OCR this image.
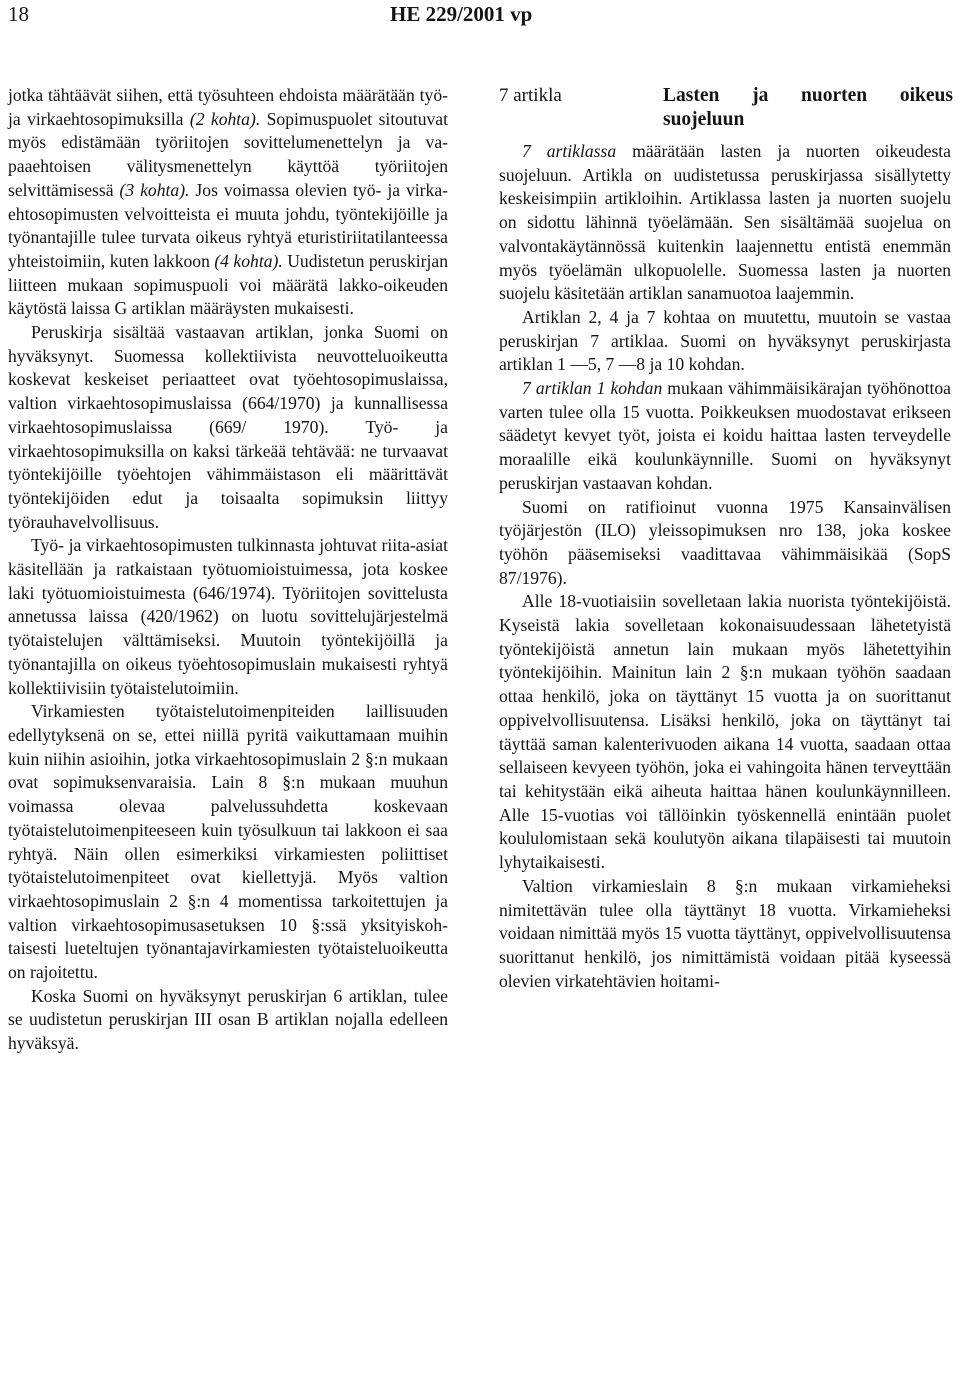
18	HE 229/2001 vp

jotka tähtäävät siihen, että työsuhteen ehdoista määrätään työ- ja virkaehtosopimuksilla (2 kohta). Sopimuspuolet sitoutuvat myös edistämään työriitojen sovittelumenettelyn ja vapaaehtoisen välitysmenettelyn käyttöä työriitojen selvittämisessä (3 kohta). Jos voimassa olevien työ- ja virka- ehtosopimusten velvoitteista ei muuta johdu, työntekijöille ja työnantajille tulee turvata oikeus ryhtyä eturistiriitatilanteessa yhteistoimiin, kuten lakkoon (4 kohta). Uudistetun peruskirjan liitteen mukaan sopimuspuoli voi määrätä lakko-oikeuden käytöstä laissa G artiklan määräysten mukaisesti.

Peruskirja sisältää vastaavan artiklan, jonka Suomi on hyväksynyt. Suomessa kollektiivista neuvotteluoikeutta koskevat keskeiset periaatteet ovat työehtosopimuslaissa, valtion virkaehtosopimuslaissa (664/1970) ja kunnallisessa virkaehtosopimuslaissa (669/ 1970). Työ- ja virkaehtosopimuksilla on kaksi tärkeää tehtävää: ne turvaavat työntekijöille työehtojen vähimmäistason eli määrittävät työntekijöiden edut ja toisaalta sopimuksin liittyy työrauhavelvollisuus.

Työ- ja virkaehtosopimusten tulkinnasta johtuvat riita-asiat käsitellään ja ratkaistaan työtuomioistuimessa, jota koskee laki työtuomioistuimesta (646/1974). Työriitojen sovittelusta annetussa laissa (420/1962) on luotu sovittelujärjestelmä työtaistelujen välttämiseksi. Muutoin työntekijöillä ja työnantajilla on oikeus työehtosopimuslain mukaisesti ryhtyä kollektiivisiin työtaistelutoimiin.

Virkamiesten työtaistelutoimenpiteiden laillisuuden edellytyksenä on se, ettei niillä pyritä vaikuttamaan muihin kuin niihin asioihin, jotka virkaehtosopimuslain 2 §:n mukaan ovat sopimuksenvaraisia. Lain 8 §:n mukaan muuhun voimassa olevaa palvelussuhdetta koskevaan työtaistelutoimenpiteeseen kuin työsulkuun tai lakkoon ei saa ryhtyä. Näin ollen esimerkiksi virkamiesten poliittiset työtaistelutoimenpiteet ovat kiellettyjä. Myös valtion virkaehtosopimuslain 2 §:n 4 momentissa tarkoitettujen ja valtion virkaehtosopimusasetuksen 10 §:ssä yksityiskohtaisesti lueteltujen työnantajavirkamiesten työtaisteluoikeutta on rajoitettu.

Koska Suomi on hyväksynyt peruskirjan 6 artiklan, tulee se uudistetun peruskirjan III osan B artiklan nojalla edelleen hyväksyä.

7 artikla	Lasten ja nuorten oikeus suojeluun

7 artiklassa määrätään lasten ja nuorten oikeudesta suojeluun. Artikla on uudistetussa peruskirjassa sisällytetty keskeisimpiin artikloihin. Artiklassa lasten ja nuorten suojelu on sidottu lähinnä työelämään. Sen sisältämää suojelua on valvontakäytännössä kuitenkin laajennettu entistä enemmän myös työelämän ulkopuolelle. Suomessa lasten ja nuorten suojelu käsitetään artiklan sanamuotoa laajemmin.

Artiklan 2, 4 ja 7 kohtaa on muutettu, muutoin se vastaa peruskirjan 7 artiklaa. Suomi on hyväksynyt peruskirjasta artiklan 1 —5, 7 —8 ja 10 kohdan.

7 artiklan 1 kohdan mukaan vähimmäisikärajan työhönottoa varten tulee olla 15 vuotta. Poikkeuksen muodostavat erikseen säädetyt kevyet työt, joista ei koidu haittaa lasten terveydelle moraalille eikä koulunkäynnille. Suomi on hyväksynyt peruskirjan vastaavan kohdan.

Suomi on ratifioinut vuonna 1975 Kansainvälisen työjärjestön (ILO) yleissopimuksen nro 138, joka koskee työhön pääsemiseksi vaadittavaa vähimmäisikää (SopS 87/1976).

Alle 18-vuotiaisiin sovelletaan lakia nuorista työntekijöistä. Kyseistä lakia sovelletaan kokonaisuudessaan lähetetyistä työntekijöistä annetun lain mukaan myös lähetettyihin työntekijöihin. Mainitun lain 2 §:n mukaan työhön saadaan ottaa henkilö, joka on täyttänyt 15 vuotta ja on suorittanut oppivelvollisuutensa. Lisäksi henkilö, joka on täyttänyt tai täyttää saman kalenterivuoden aikana 14 vuotta, saadaan ottaa sellaiseen kevyeen työhön, joka ei vahingoita hänen terveyttään tai kehitystään eikä aiheuta haittaa hänen koulunkäynnilleen. Alle 15-vuotias voi tällöinkin työskennellä enintään puolet koululomistaan sekä koulutyön aikana tilapäisesti tai muutoin lyhytaikaisesti.

Valtion virkamieslain 8 §:n mukaan virkamieheksi nimitettävän tulee olla täyttänyt 18 vuotta. Virkamieheksi voidaan nimittää myös 15 vuotta täyttänyt, oppivelvollisuutensa suorittanut henkilö, jos nimittämistä voidaan pitää kyseessä olevien virkatehtävien hoitami-
